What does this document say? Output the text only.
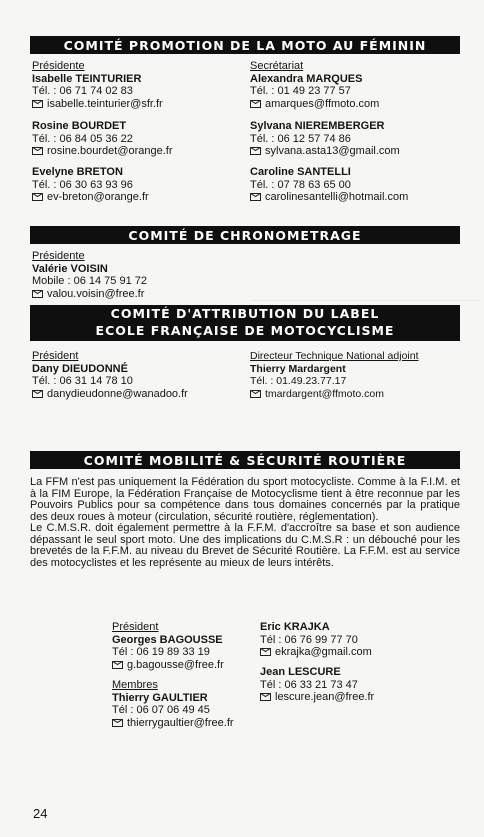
COMITÉ PROMOTION DE LA MOTO AU FÉMININ
Présidente
Isabelle TEINTURIER
Tél. : 06 71 74 02 83
isabelle.teinturier@sfr.fr
Secrétariat
Alexandra MARQUES
Tél. : 01 49 23 77 57
amarques@ffmoto.com
Rosine BOURDET
Tél. : 06 84 05 36 22
rosine.bourdet@orange.fr
Sylvana NIEREMBERGER
Tél. : 06 12 57 74 86
sylvana.asta13@gmail.com
Evelyne BRETON
Tél. : 06 30 63 93 96
ev-breton@orange.fr
Caroline SANTELLI
Tél. : 07 78 63 65 00
carolinesantelli@hotmail.com
COMITÉ DE CHRONOMETRAGE
Présidente
Valérie VOISIN
Mobile : 06 14 75 91 72
valou.voisin@free.fr
COMITÉ D'ATTRIBUTION DU LABEL
ECOLE FRANÇAISE DE MOTOCYCLISME
Président
Dany DIEUDONNÉ
Tél. : 06 31 14 78 10
danydieudonne@wanadoo.fr
Directeur Technique National adjoint
Thierry Mardargent
Tél. : 01.49.23.77.17
tmardargent@ffmoto.com
COMITÉ MOBILITÉ & SÉCURITÉ ROUTIÈRE
La FFM n'est pas uniquement la Fédération du sport motocycliste. Comme à la F.I.M. et à la FIM Europe, la Fédération Française de Motocyclisme tient à être reconnue par les Pouvoirs Publics pour sa compétence dans tous domaines concernés par la pratique des deux roues à moteur (circulation, sécurité routière, réglementation).
Le C.M.S.R. doit également permettre à la F.F.M. d'accroître sa base et son audience dépassant le seul sport moto. Une des implications du C.M.S.R : un débouché pour les brevetés de la F.F.M. au niveau du Brevet de Sécurité Routière. La F.F.M. est au service des motocyclistes et les représente au mieux de leurs intérêts.
Président
Georges BAGOUSSE
Tél : 06 19 89 33 19
g.bagousse@free.fr
Eric KRAJKA
Tél : 06 76 99 77 70
ekrajka@gmail.com
Membres
Thierry GAULTIER
Tél : 06 07 06 49 45
thierrygaultier@free.fr
Jean LESCURE
Tél : 06 33 21 73 47
lescure.jean@free.fr
24
